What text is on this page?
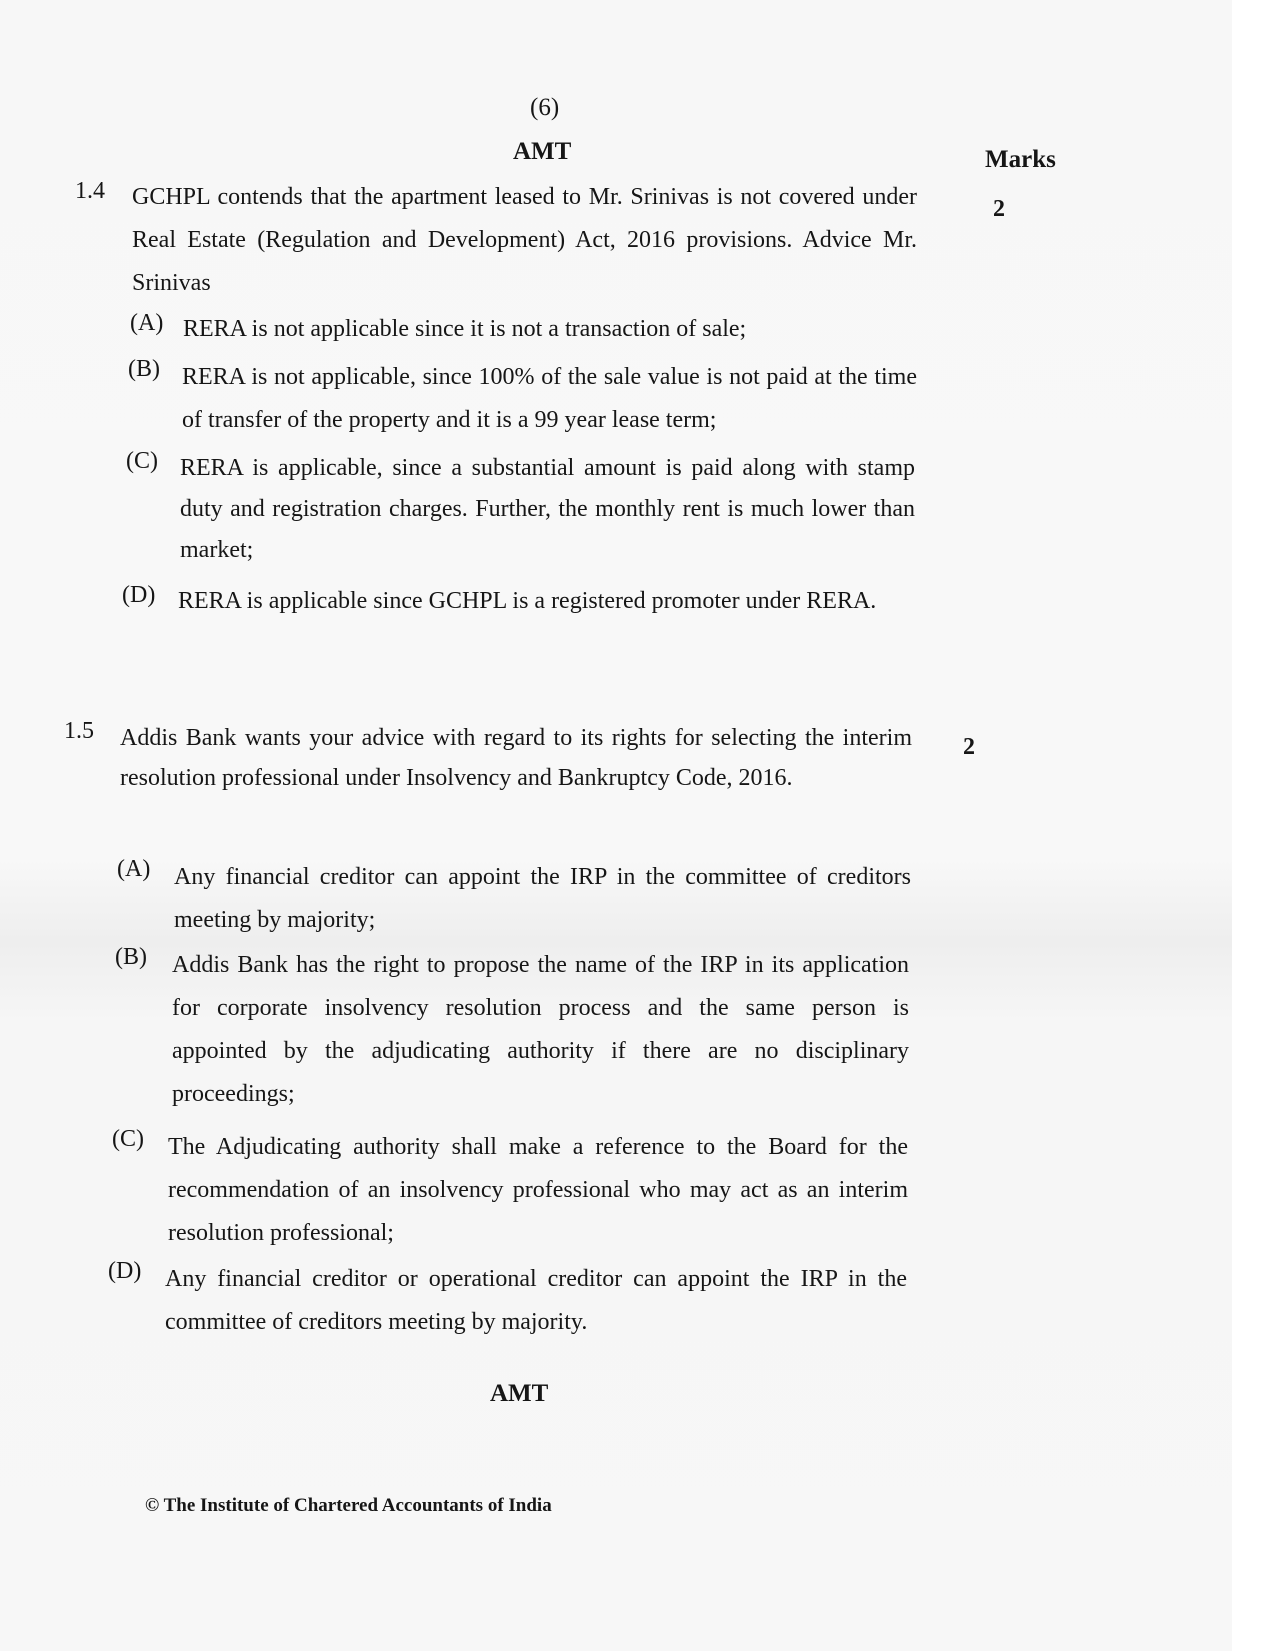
(6)
AMT	Marks
1.4 GCHPL contends that the apartment leased to Mr. Srinivas is not covered under Real Estate (Regulation and Development) Act, 2016 provisions. Advice Mr. Srinivas
2
(A) RERA is not applicable since it is not a transaction of sale;
(B) RERA is not applicable, since 100% of the sale value is not paid at the time of transfer of the property and it is a 99 year lease term;
(C) RERA is applicable, since a substantial amount is paid along with stamp duty and registration charges. Further, the monthly rent is much lower than market;
(D) RERA is applicable since GCHPL is a registered promoter under RERA.
1.5 Addis Bank wants your advice with regard to its rights for selecting the interim resolution professional under Insolvency and Bankruptcy Code, 2016.
2
(A) Any financial creditor can appoint the IRP in the committee of creditors meeting by majority;
(B) Addis Bank has the right to propose the name of the IRP in its application for corporate insolvency resolution process and the same person is appointed by the adjudicating authority if there are no disciplinary proceedings;
(C) The Adjudicating authority shall make a reference to the Board for the recommendation of an insolvency professional who may act as an interim resolution professional;
(D) Any financial creditor or operational creditor can appoint the IRP in the committee of creditors meeting by majority.
AMT
© The Institute of Chartered Accountants of India
